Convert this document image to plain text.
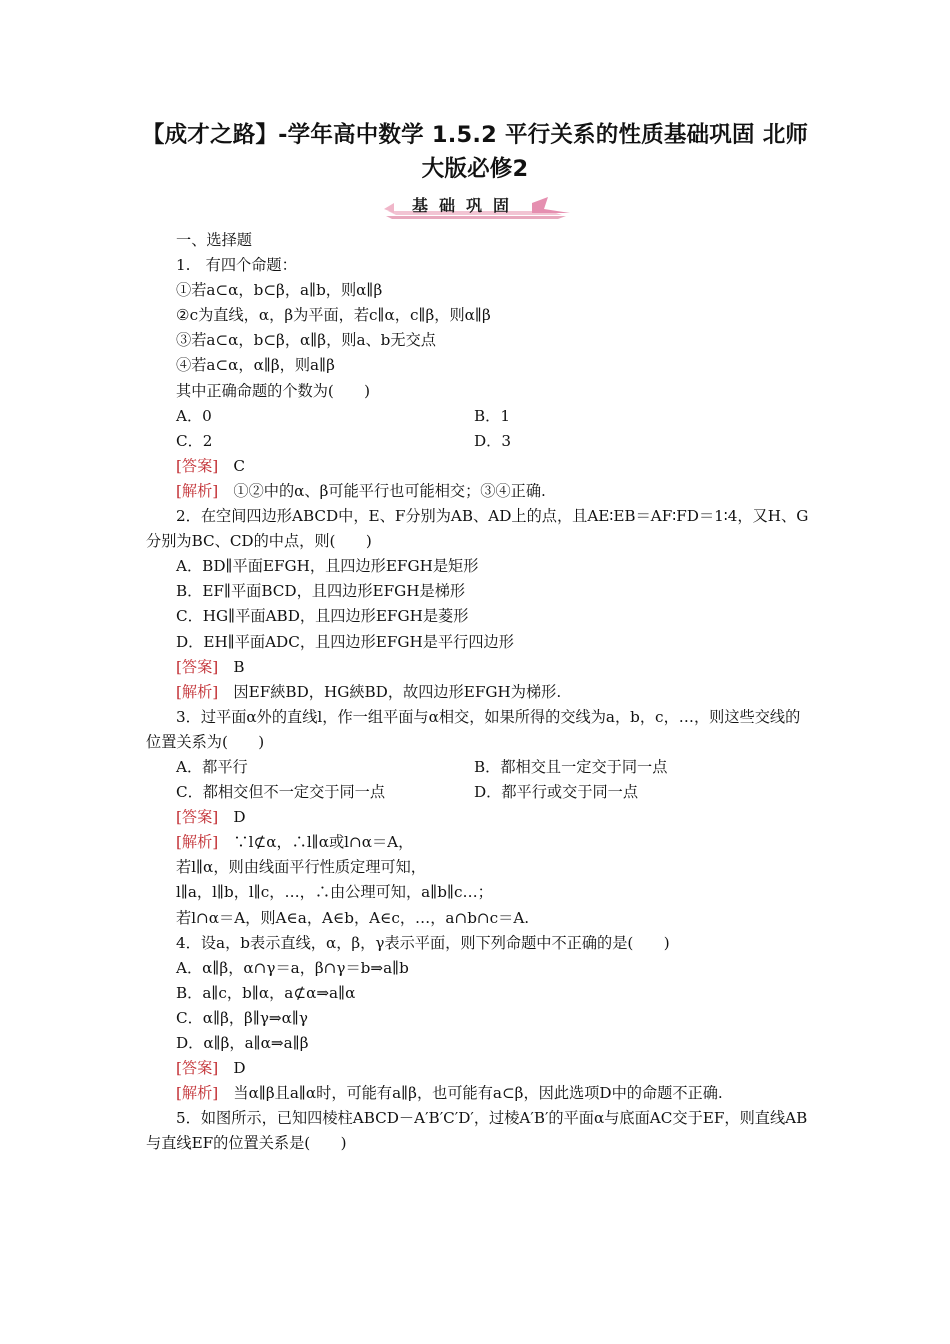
【成才之路】-学年高中数学 1.5.2 平行关系的性质基础巩固 北师
大版必修2
基础巩固
一、选择题
1.　有四个命题：
①若a⊂α，b⊂β，a∥b，则α∥β
②c为直线，α，β为平面，若c∥α，c∥β，则α∥β
③若a⊂α，b⊂β，α∥β，则a、b无交点
④若a⊂α，α∥β，则a∥β
其中正确命题的个数为(　　)
A．0	B．1
C．2	D．3
[答案]　 C
[解析]　 ①②中的α、β可能平行也可能相交；③④正确.
2．在空间四边形ABCD中，E、F分别为AB、AD上的点，且AE∶EB＝AF∶FD＝1∶4，又H、G分别为BC、CD的中点，则(　　)
A．BD∥平面EFGH，且四边形EFGH是矩形
B．EF∥平面BCD，且四边形EFGH是梯形
C．HG∥平面ABD，且四边形EFGH是菱形
D．EH∥平面ADC，且四边形EFGH是平行四边形
[答案]　 B
[解析]　 因EF綊BD，HG綊BD，故四边形EFGH为梯形.
3．过平面α外的直线l，作一组平面与α相交，如果所得的交线为a，b，c，…，则这些交线的位置关系为(　　)
A．都平行	B．都相交且一定交于同一点
C．都相交但不一定交于同一点	D．都平行或交于同一点
[答案]　 D
[解析]　 ∵l⊄α，∴l∥α或l∩α＝A，
若l∥α，则由线面平行性质定理可知，
l∥a，l∥b，l∥c，…，∴由公理可知，a∥b∥c…；
若l∩α＝A，则A∈a，A∈b，A∈c，…，a∩b∩c＝A.
4．设a，b表示直线，α，β，γ表示平面，则下列命题中不正确的是(　　)
A．α∥β，α∩γ＝a，β∩γ＝b⇒a∥b
B．a∥c，b∥α，a⊄α⇒a∥α
C．α∥β，β∥γ⇒α∥γ
D．α∥β，a∥α⇒a∥β
[答案]　 D
[解析]　 当α∥β且a∥α时，可能有a∥β，也可能有a⊂β，因此选项D中的命题不正确.
5．如图所示，已知四棱柱ABCD－A′B′C′D′，过棱A′B′的平面α与底面AC交于EF，则直线AB与直线EF的位置关系是(　　)
